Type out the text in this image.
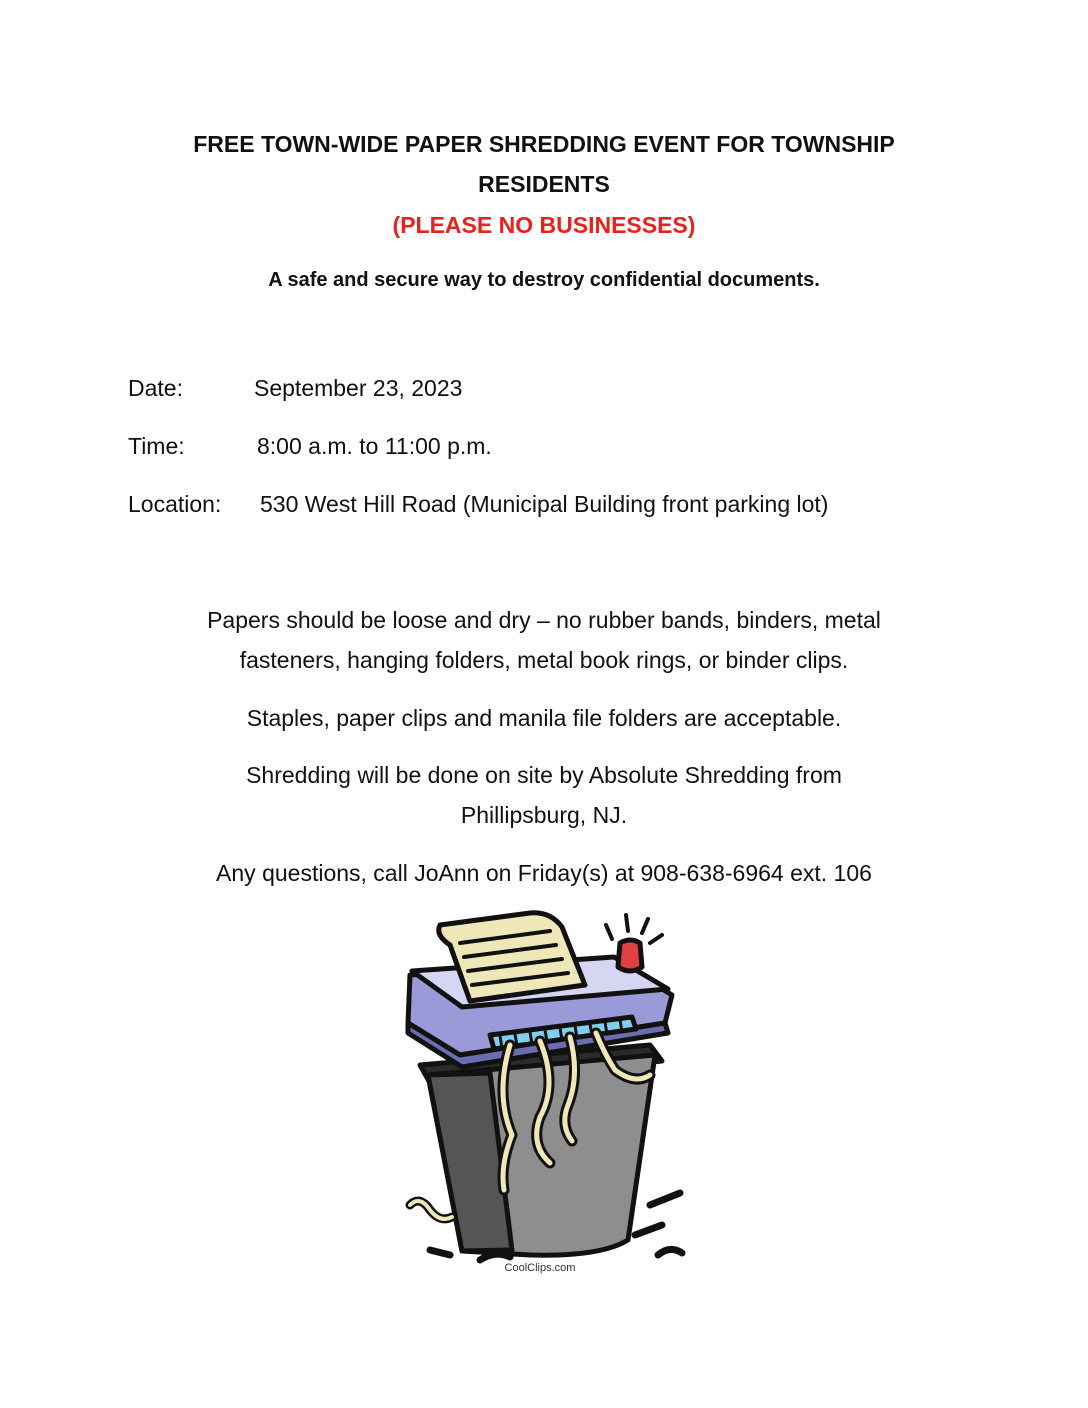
FREE TOWN-WIDE PAPER SHREDDING EVENT FOR TOWNSHIP
RESIDENTS
(PLEASE NO BUSINESSES)
A safe and secure way to destroy confidential documents.
Date:	September 23, 2023
Time:	8:00 a.m. to 11:00 p.m.
Location: 530 West Hill Road (Municipal Building front parking lot)
Papers should be loose and dry – no rubber bands, binders, metal
fasteners, hanging folders, metal book rings, or binder clips.
Staples, paper clips and manila file folders are acceptable.
Shredding will be done on site by Absolute Shredding from
Phillipsburg, NJ.
Any questions, call JoAnn on Friday(s) at 908-638-6964 ext. 106
CoolClips.com
